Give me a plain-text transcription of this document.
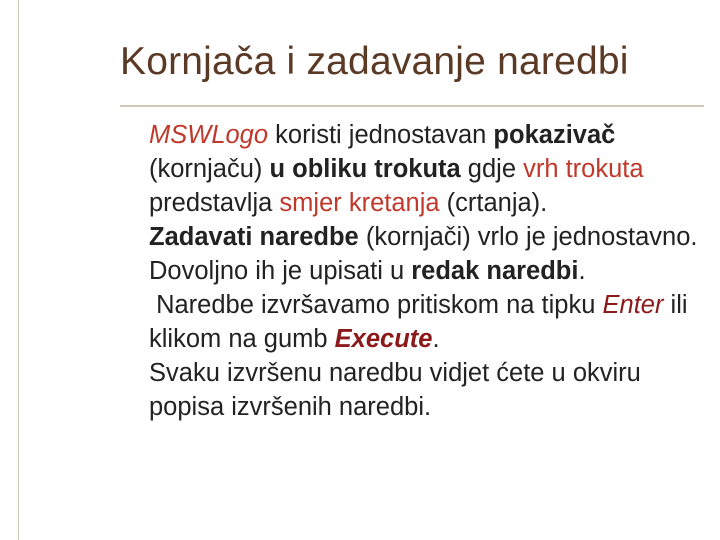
Kornjača i zadavanje naredbi

MSWLogo koristi jednostavan pokazivač (kornjaču) u obliku trokuta gdje vrh trokuta predstavlja smjer kretanja (crtanja).

Zadavati naredbe (kornjači) vrlo je jednostavno. Dovoljno ih je upisati u redak naredbi.

Naredbe izvršavamo pritiskom na tipku Enter ili klikom na gumb Execute.

Svaku izvršenu naredbu vidjet ćete u okviru popisa izvršenih naredbi.
